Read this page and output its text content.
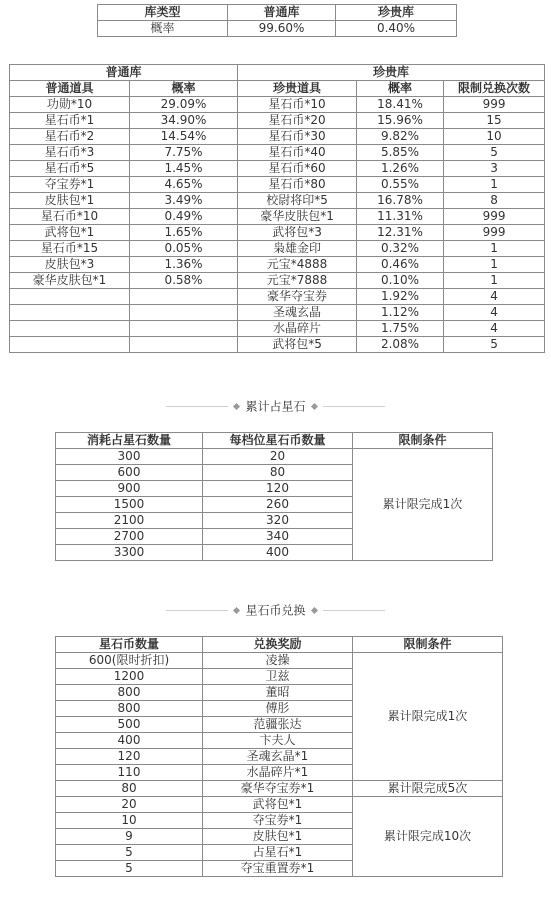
库类型	普通库	珍贵库
概率	99.60%	0.40%
普通库		珍贵库		
普通道具	概率	珍贵道具	概率	限制兑换次数
功勋*10	29.09%	星石币*10	18.41%	999
星石币*1	34.90%	星石币*20	15.96%	15
星石币*2	14.54%	星石币*30	9.82%	10
星石币*3	7.75%	星石币*40	5.85%	5
星石币*5	1.45%	星石币*60	1.26%	3
夺宝券*1	4.65%	星石币*80	0.55%	1
皮肤包*1	3.49%	校尉将印*5	16.78%	8
星石币*10	0.49%	豪华皮肤包*1	11.31%	999
武将包*1	1.65%	武将包*3	12.31%	999
星石币*15	0.05%	枭雄金印	0.32%	1
皮肤包*3	1.36%	元宝*4888	0.46%	1
豪华皮肤包*1	0.58%	元宝*7888	0.10%	1
		豪华夺宝券	1.92%	4
		圣魂玄晶	1.12%	4
		水晶碎片	1.75%	4
		武将包*5	2.08%	5
累计占星石
消耗占星石数量	每档位星石币数量	限制条件
300	20	累计限完成1次
600	80	
900	120	
1500	260	
2100	320	
2700	340	
3300	400	
星石币兑换
星石币数量	兑换奖励	限制条件
600(限时折扣)	凌操	累计限完成1次
1200	卫兹	
800	董昭	
800	傅肜	
500	范疆张达	
400	卞夫人	
120	圣魂玄晶*1	
110	水晶碎片*1	
80	豪华夺宝券*1	累计限完成5次
20	武将包*1	累计限完成10次
10	夺宝券*1	
9	皮肤包*1	
5	占星石*1	
5	夺宝重置券*1	
